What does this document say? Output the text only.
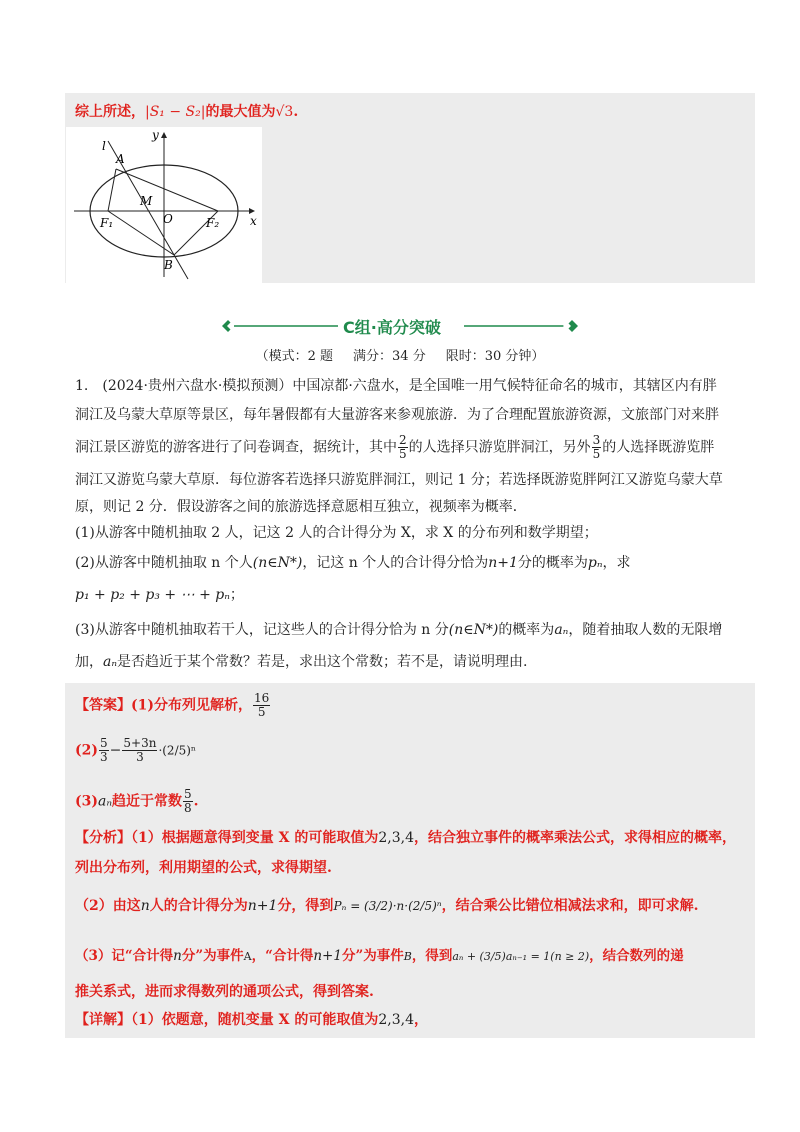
综上所述，|S₁ − S₂|的最大值为√3.
l
y
A
M
O
F₁	F₂	x
B
C组·高分突破
（模式：2 题 满分：34 分 限时：30 分钟）
1.　(2024·贵州六盘水·模拟预测）中国凉都·六盘水，是全国唯一用气候特征命名的城市，其辖区内有胖
洞江及乌蒙大草原等景区，每年暑假都有大量游客来参观旅游．为了合理配置旅游资源，文旅部门对来胖
洞江景区游览的游客进行了问卷调查，据统计，其中 $\frac{2}{5}$ 的人选择只游览胖洞江，另外 $\frac{3}{5}$ 的人选择既游览胖
洞江又游览乌蒙大草原．每位游客若选择只游览胖洞江，则记 1 分；若选择既游览胖阿江又游览乌蒙大草
原，则记 2 分．假设游客之间的旅游选择意愿相互独立，视频率为概率．
(1)从游客中随机抽取 2 人，记这 2 人的合计得分为 X，求 X 的分布列和数学期望；
(2)从游客中随机抽取 n 个人(n∈N*)，记这 n 个人的合计得分恰为n+1分的概率为pₙ，求
p₁ + p₂ + p₃ + ⋯ + pₙ；
(3)从游客中随机抽取若干人，记这些人的合计得分恰为 n 分(n∈N*)的概率为aₙ，随着抽取人数的无限增
加，aₙ是否趋近于某个常数？若是，求出这个常数；若不是，请说明理由.
【答案】(1)分布列见解析， $\frac{16}{5}$
$(2) \frac{5}{3} - \frac{5+3n}{3} \cdot(2/5)^n$
(3)aₙ趋近于常数 $\frac{5}{8}$ .
【分析】（1）根据题意得到变量 X 的可能取值为2,3,4，结合独立事件的概率乘法公式，求得相应的概率，
列出分布列，利用期望的公式，求得期望.
（2）由这n人的合计得分为n+1分，得到Pₙ = (3/2)·n·(2/5)ⁿ，结合乘公比错位相减法求和，即可求解.
（3）记“合计得n分”为事件A，“合计得n+1分”为事件B，得到aₙ + (3/5)aₙ₋₁ = 1(n ≥ 2)，结合数列的递
推关系式，进而求得数列的通项公式，得到答案.
【详解】（1）依题意，随机变量 X 的可能取值为2,3,4，
